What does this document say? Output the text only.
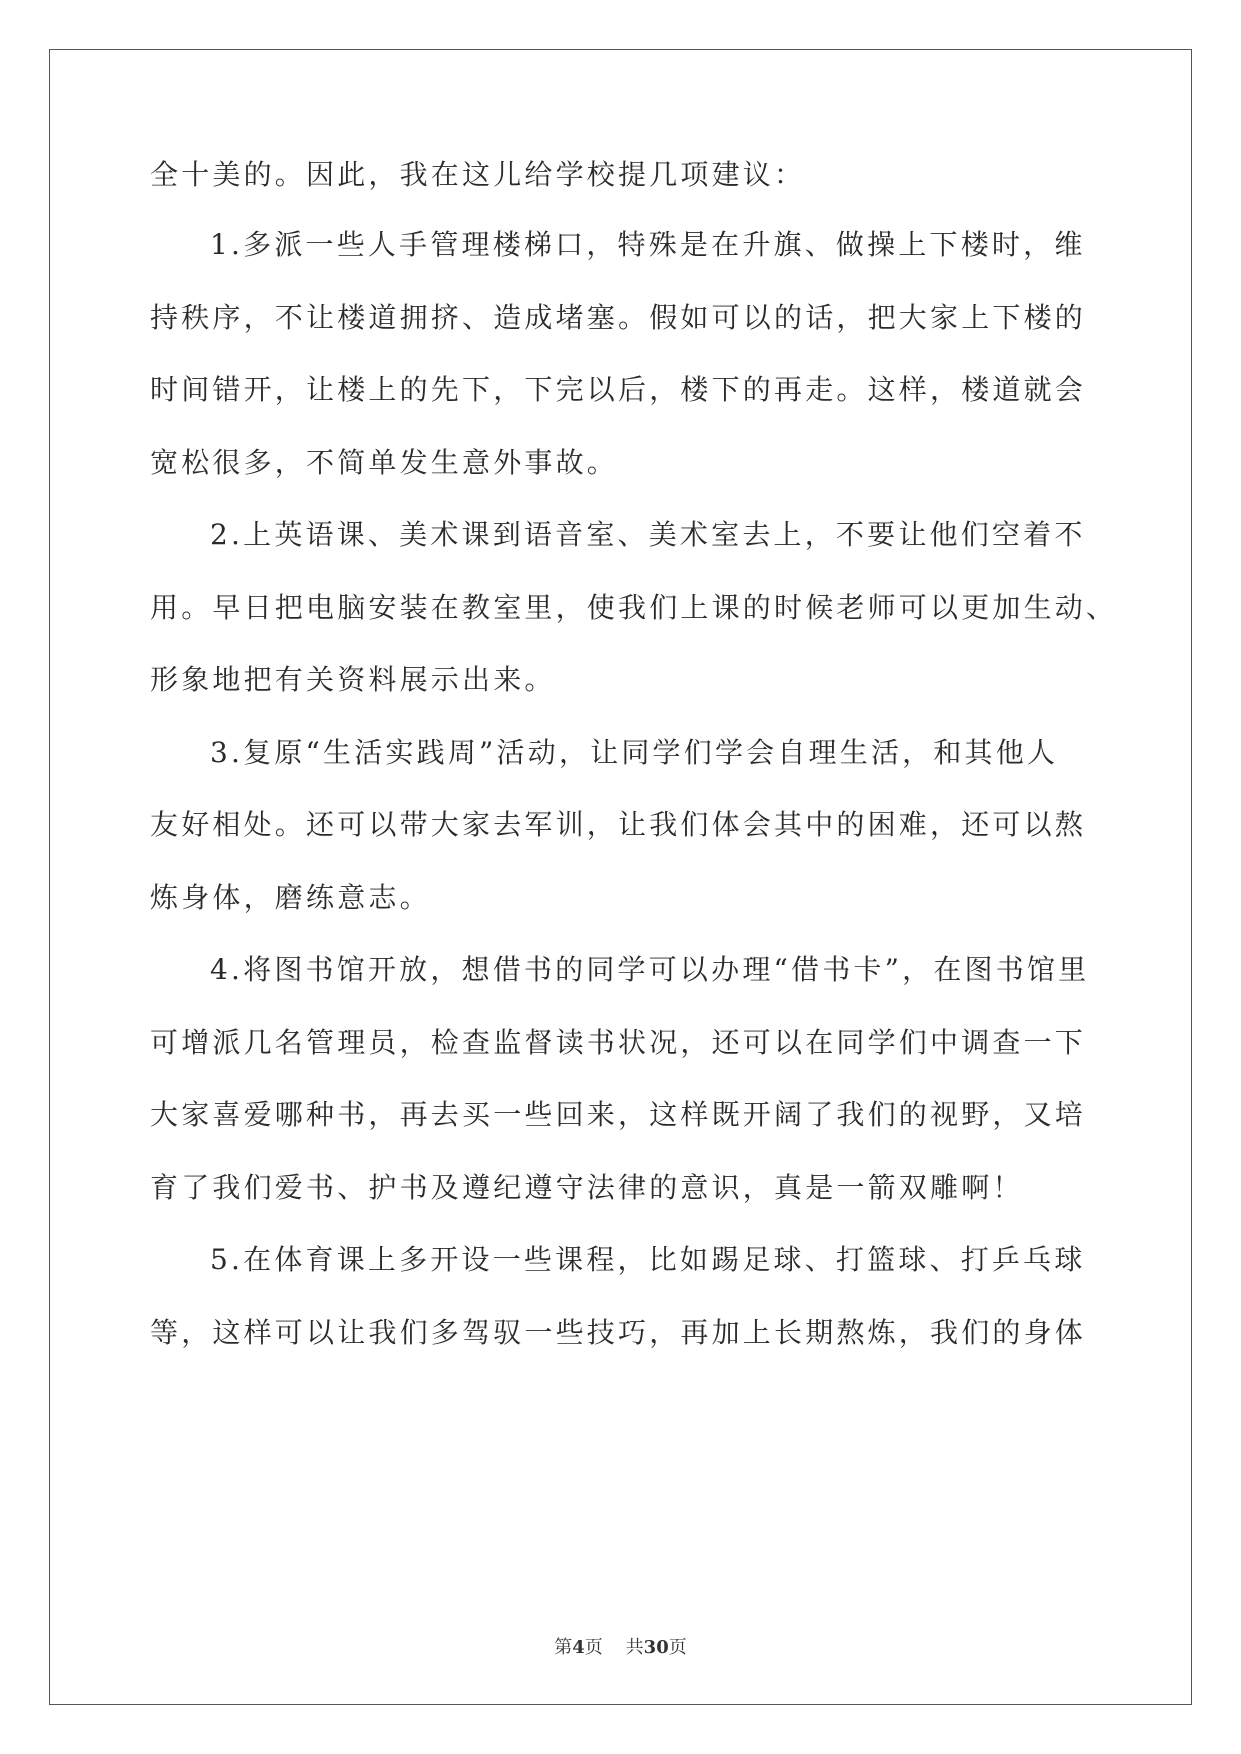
全十美的。因此，我在这儿给学校提几项建议：
1.多派一些人手管理楼梯口，特殊是在升旗、做操上下楼时，维
持秩序，不让楼道拥挤、造成堵塞。假如可以的话，把大家上下楼的
时间错开，让楼上的先下，下完以后，楼下的再走。这样，楼道就会
宽松很多，不简单发生意外事故。
2.上英语课、美术课到语音室、美术室去上，不要让他们空着不
用。早日把电脑安装在教室里，使我们上课的时候老师可以更加生动、
形象地把有关资料展示出来。
3.复原“生活实践周”活动，让同学们学会自理生活，和其他人
友好相处。还可以带大家去军训，让我们体会其中的困难，还可以熬
炼身体，磨练意志。
4.将图书馆开放，想借书的同学可以办理“借书卡”，在图书馆里
可增派几名管理员，检查监督读书状况，还可以在同学们中调查一下
大家喜爱哪种书，再去买一些回来，这样既开阔了我们的视野，又培
育了我们爱书、护书及遵纪遵守法律的意识，真是一箭双雕啊！
5.在体育课上多开设一些课程，比如踢足球、打篮球、打乒乓球
等，这样可以让我们多驾驭一些技巧，再加上长期熬炼，我们的身体
第4页 共30页
